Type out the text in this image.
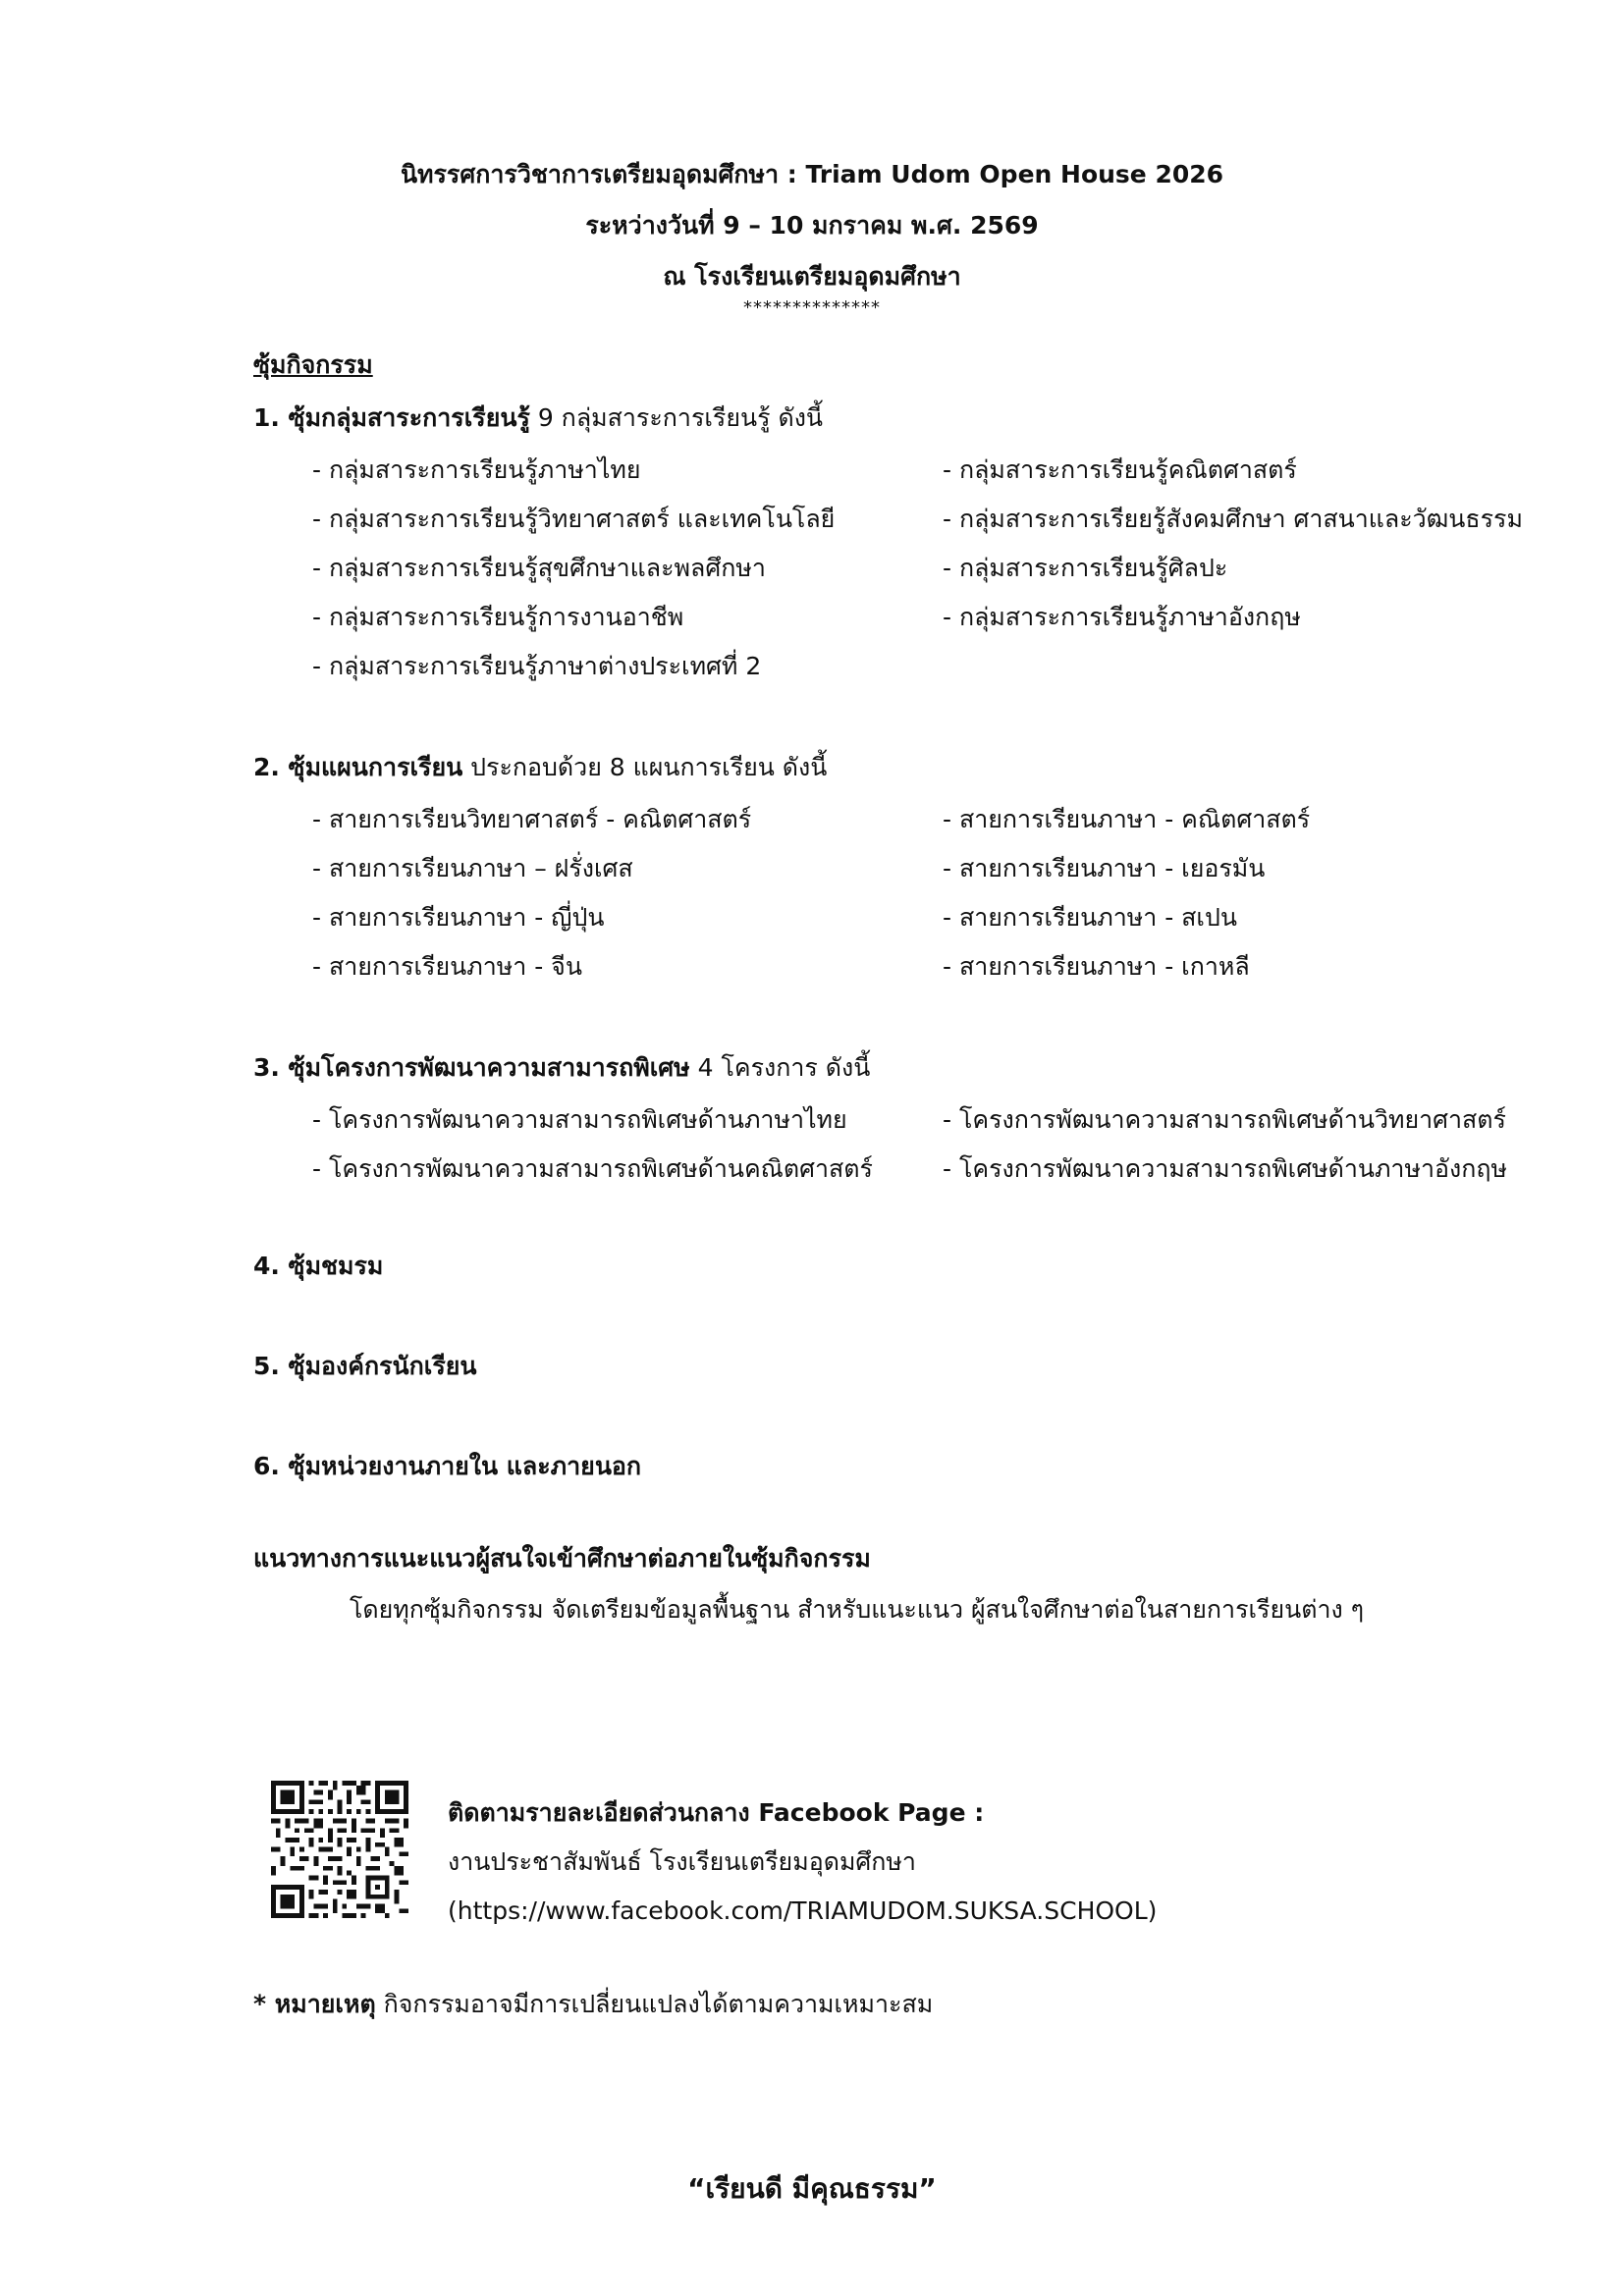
นิทรรศการวิชาการเตรียมอุดมศึกษา : Triam Udom Open House 2026
ระหว่างวันที่ 9 – 10 มกราคม พ.ศ. 2569
ณ โรงเรียนเตรียมอุดมศึกษา
**************
ซุ้มกิจกรรม
1. ซุ้มกลุ่มสาระการเรียนรู้ 9 กลุ่มสาระการเรียนรู้ ดังนี้
- กลุ่มสาระการเรียนรู้ภาษาไทย
- กลุ่มสาระการเรียนรู้วิทยาศาสตร์ และเทคโนโลยี
- กลุ่มสาระการเรียนรู้สุขศึกษาและพลศึกษา
- กลุ่มสาระการเรียนรู้การงานอาชีพ
- กลุ่มสาระการเรียนรู้ภาษาต่างประเทศที่ 2
- กลุ่มสาระการเรียนรู้คณิตศาสตร์
- กลุ่มสาระการเรียยรู้สังคมศึกษา ศาสนาและวัฒนธรรม
- กลุ่มสาระการเรียนรู้ศิลปะ
- กลุ่มสาระการเรียนรู้ภาษาอังกฤษ
2. ซุ้มแผนการเรียน ประกอบด้วย 8 แผนการเรียน ดังนี้
- สายการเรียนวิทยาศาสตร์ - คณิตศาสตร์
- สายการเรียนภาษา – ฝรั่งเศส
- สายการเรียนภาษา - ญี่ปุ่น
- สายการเรียนภาษา - จีน
- สายการเรียนภาษา - คณิตศาสตร์
- สายการเรียนภาษา - เยอรมัน
- สายการเรียนภาษา - สเปน
- สายการเรียนภาษา - เกาหลี
3. ซุ้มโครงการพัฒนาความสามารถพิเศษ 4 โครงการ ดังนี้
- โครงการพัฒนาความสามารถพิเศษด้านภาษาไทย
- โครงการพัฒนาความสามารถพิเศษด้านคณิตศาสตร์
- โครงการพัฒนาความสามารถพิเศษด้านวิทยาศาสตร์
- โครงการพัฒนาความสามารถพิเศษด้านภาษาอังกฤษ
4. ซุ้มชมรม
5. ซุ้มองค์กรนักเรียน
6. ซุ้มหน่วยงานภายใน และภายนอก
แนวทางการแนะแนวผู้สนใจเข้าศึกษาต่อภายในซุ้มกิจกรรม
โดยทุกซุ้มกิจกรรม จัดเตรียมข้อมูลพื้นฐาน สำหรับแนะแนว ผู้สนใจศึกษาต่อในสายการเรียนต่าง ๆ
ติดตามรายละเอียดส่วนกลาง Facebook Page :
งานประชาสัมพันธ์ โรงเรียนเตรียมอุดมศึกษา
(https://www.facebook.com/TRIAMUDOM.SUKSA.SCHOOL)
* หมายเหตุ กิจกรรมอาจมีการเปลี่ยนแปลงได้ตามความเหมาะสม
“เรียนดี มีคุณธรรม”
